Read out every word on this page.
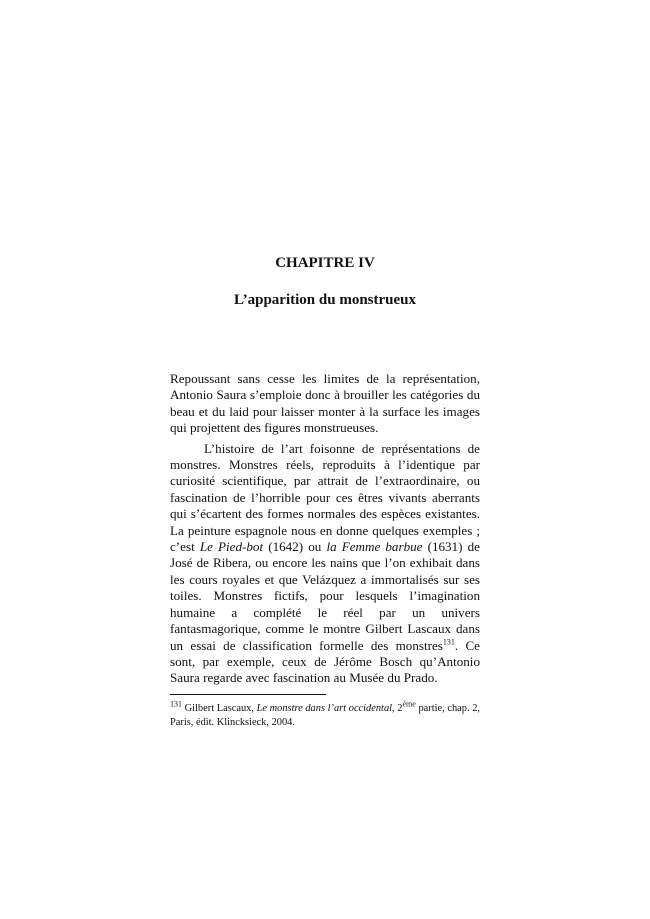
CHAPITRE IV
L’apparition du monstrueux

Repoussant sans cesse les limites de la représentation, Antonio Saura s’emploie donc à brouiller les catégories du beau et du laid pour laisser monter à la surface les images qui projettent des figures monstrueuses.

L’histoire de l’art foisonne de représentations de monstres. Monstres réels, reproduits à l’identique par curiosité scientifique, par attrait de l’extraordinaire, ou fascination de l’horrible pour ces êtres vivants aberrants qui s’écartent des formes normales des espèces existantes. La peinture espagnole nous en donne quelques exemples ; c’est Le Pied-bot (1642) ou la Femme barbue (1631) de José de Ribera, ou encore les nains que l’on exhibait dans les cours royales et que Velázquez a immortalisés sur ses toiles. Monstres fictifs, pour lesquels l’imagination humaine a complété le réel par un univers fantasmagorique, comme le montre Gilbert Lascaux dans un essai de classification formelle des monstres$^{131}$. Ce sont, par exemple, ceux de Jérôme Bosch qu’Antonio Saura regarde avec fascination au Musée du Prado.

$^{131}$ Gilbert Lascaux, Le monstre dans l’art occidental, 2ème partie, chap. 2, Paris, édit. Klincksieck, 2004.
